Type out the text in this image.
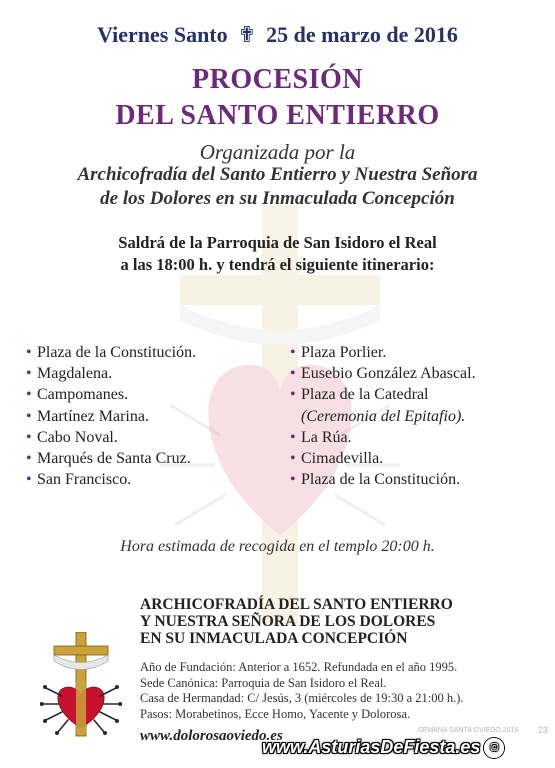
Viernes Santo ✟ 25 de marzo de 2016
PROCESIÓN
DEL SANTO ENTIERRO
Organizada por la
Archicofradía del Santo Entierro y Nuestra Señora
de los Dolores en su Inmaculada Concepción
Saldrá de la Parroquia de San Isidoro el Real
a las 18:00 h. y tendrá el siguiente itinerario:
• Plaza de la Constitución.
• Magdalena.
• Campomanes.
• Martínez Marina.
• Cabo Noval.
• Marqués de Santa Cruz.
• San Francisco.
• Plaza Porlier.
• Eusebio González Abascal.
• Plaza de la Catedral
(Ceremonia del Epitafio).
• La Rúa.
• Cimadevilla.
• Plaza de la Constitución.
Hora estimada de recogida en el templo 20:00 h.
ARCHICOFRADÍA DEL SANTO ENTIERRO
Y NUESTRA SEÑORA DE LOS DOLORES
EN SU INMACULADA CONCEPCIÓN
Año de Fundación: Anterior a 1652. Refundada en el año 1995.
Sede Canónica: Parroquia de San Isidoro el Real.
Casa de Hermandad: C/ Jesús, 3 (miércoles de 19:30 a 21:00 h.).
Pasos: Morabetinos, Ecce Homo, Yacente y Dolorosa.
www.dolorosaoviedo.es	SEMANA SANTA OVIEDO 2016 23
www.AsturiasDeFiesta.es ©
